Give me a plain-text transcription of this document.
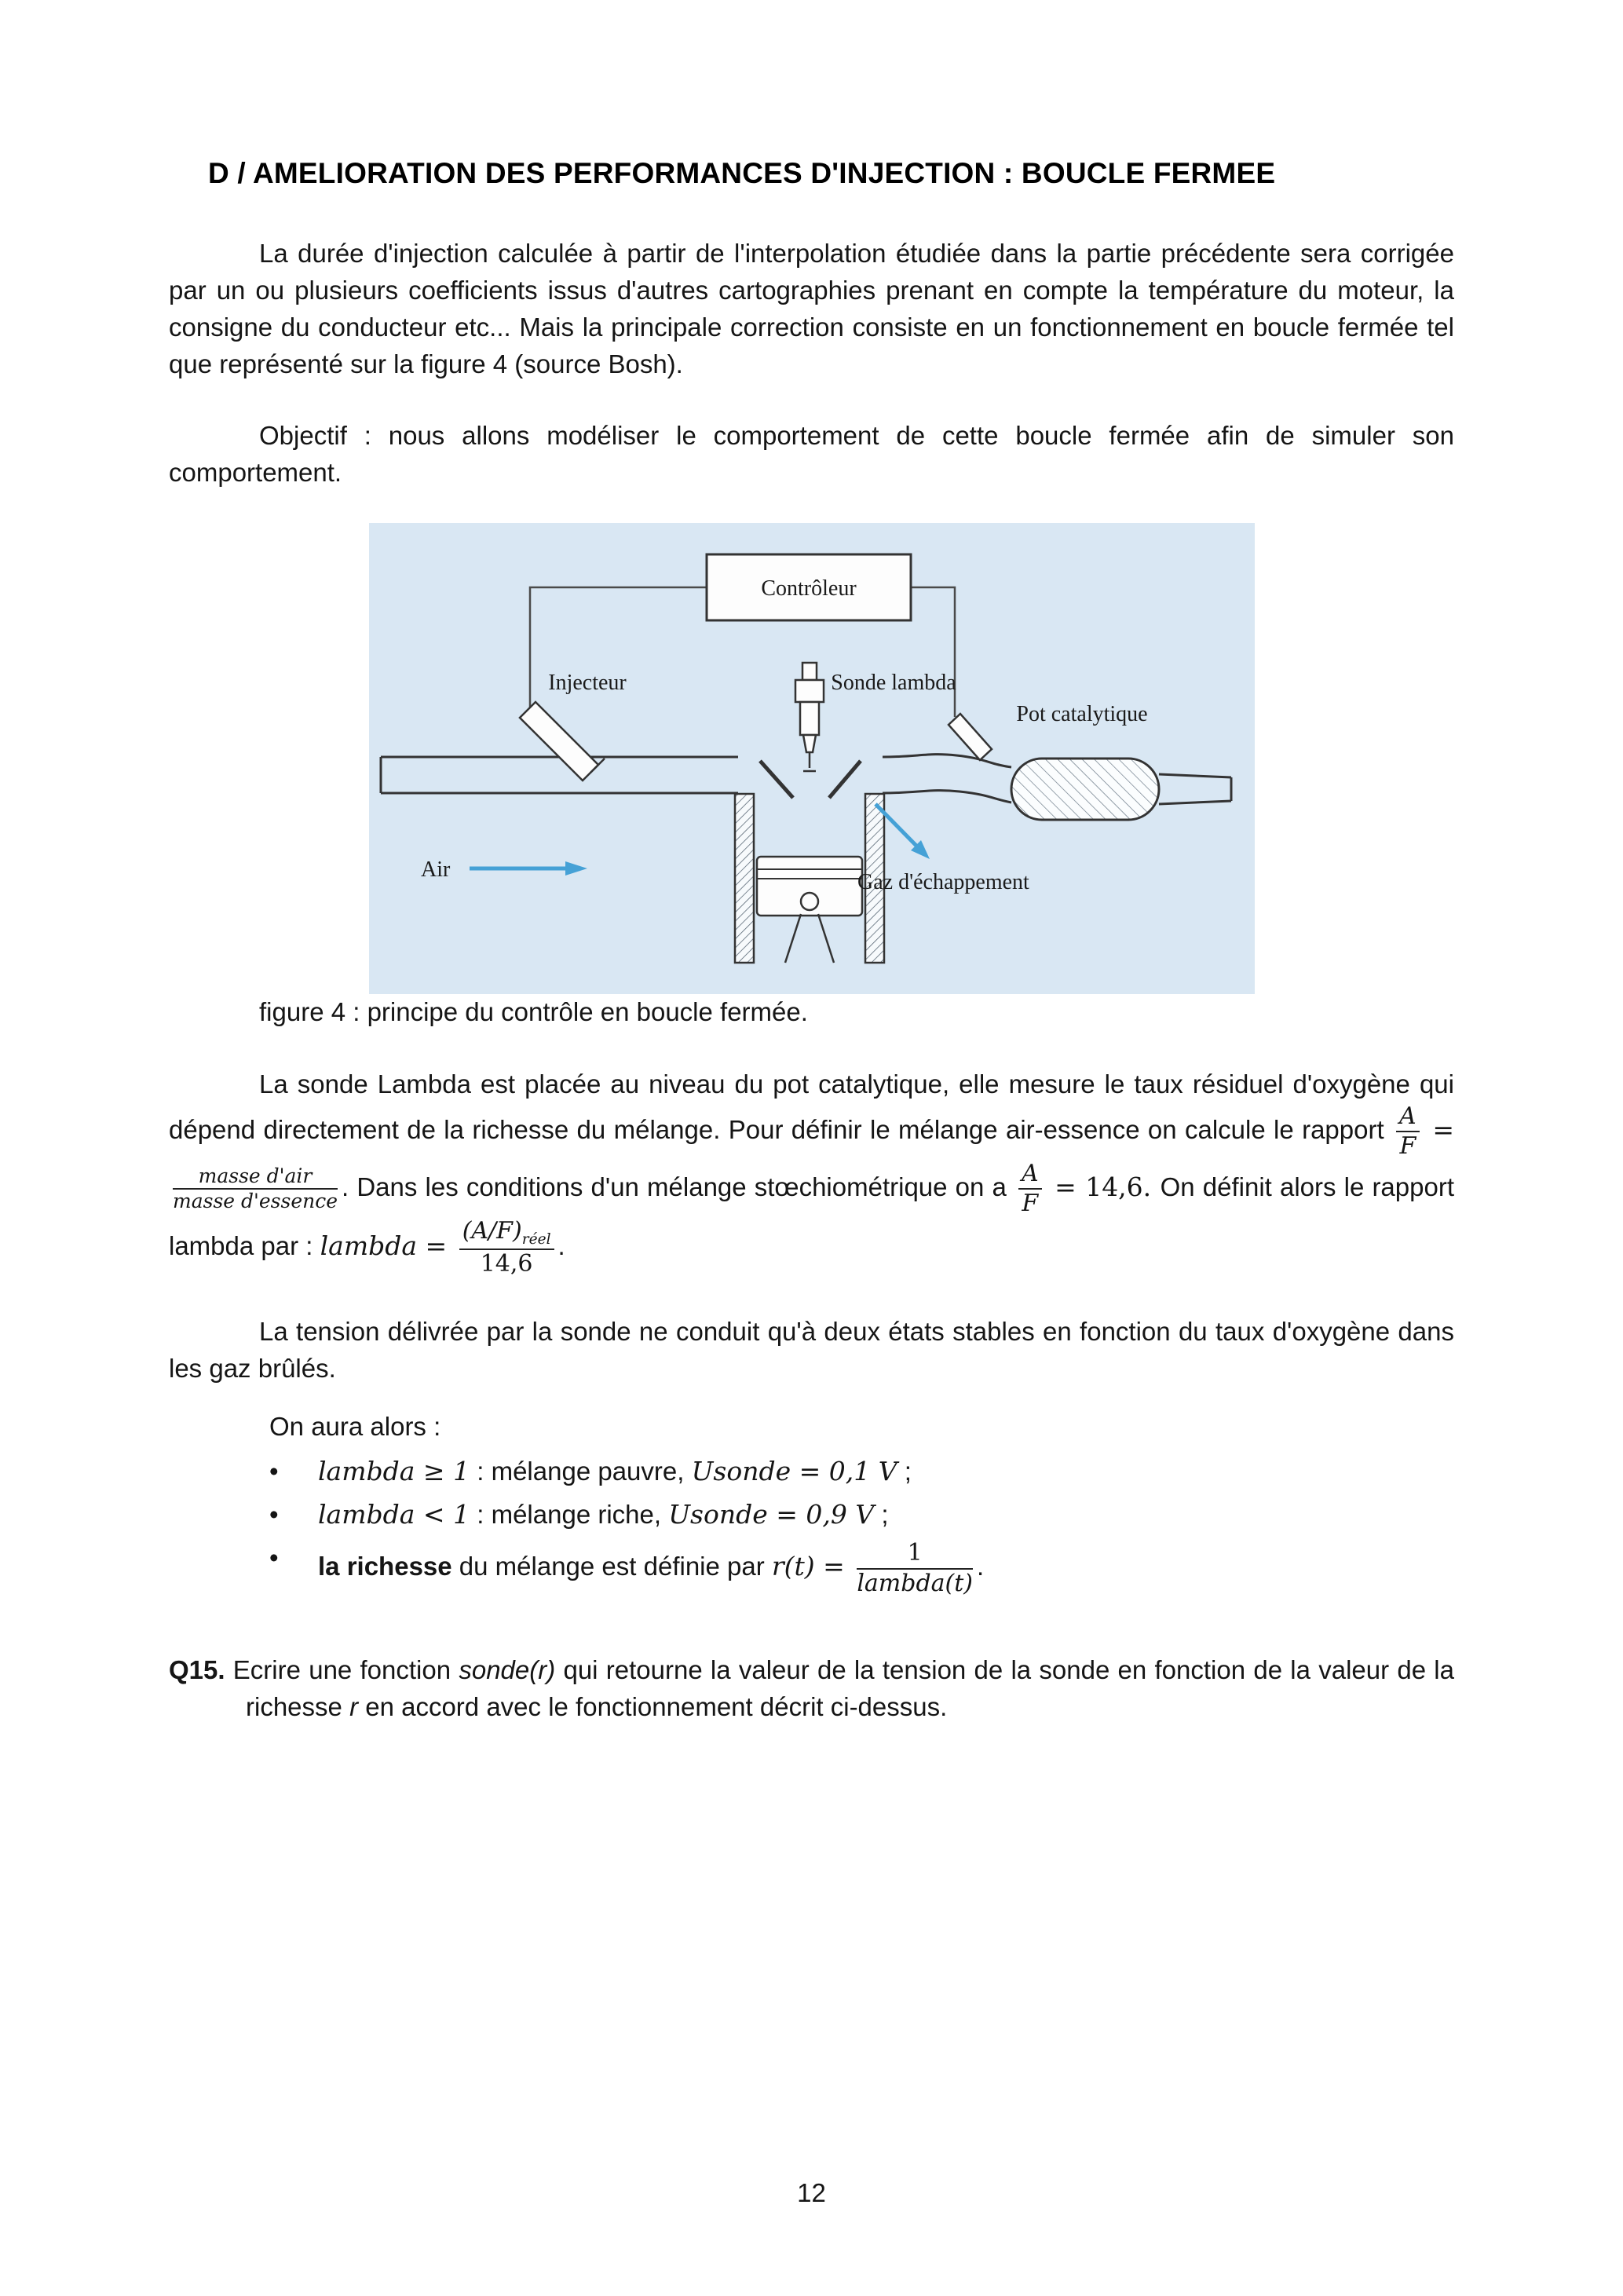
D / AMELIORATION DES PERFORMANCES D'INJECTION : BOUCLE FERMEE

La durée d'injection calculée à partir de l'interpolation étudiée dans la partie précédente sera corrigée par un ou plusieurs coefficients issus d'autres cartographies prenant en compte la température du moteur, la consigne du conducteur etc... Mais la principale correction consiste en un fonctionnement en boucle fermée tel que représenté sur la figure 4 (source Bosh).

Objectif : nous allons modéliser le comportement de cette boucle fermée afin de simuler son comportement.

Contrôleur
Injecteur	Sonde lambda
Pot catalytique
Air
Gaz d'échappement

figure 4 : principe du contrôle en boucle fermée.

La sonde Lambda est placée au niveau du pot catalytique, elle mesure le taux résiduel d'oxygène qui dépend directement de la richesse du mélange. Pour définir le mélange air-essence on calcule le rapport $\frac{A}{F}$ =
$\frac{\text{masse d'air}}{\text{masse d'essence}}$ . Dans les conditions d'un mélange stœchiométrique on a $\frac{A}{F} = 14,6$. On définit alors le rapport lambda par : lambda = $\frac{(A/F)_{réel}}{14,6}$ .

La tension délivrée par la sonde ne conduit qu'à deux états stables en fonction du taux d'oxygène dans les gaz brûlés.

On aura alors :

•	lambda ≥ 1 : mélange pauvre, Usonde = 0,1 V ;
•	lambda < 1 : mélange riche, Usonde = 0,9 V ;
•	la richesse du mélange est définie par $r(t) = \frac{1}{\text{lambda(t)}}$ .

Q15. Ecrire une fonction sonde(r) qui retourne la valeur de la tension de la sonde en fonction de la valeur de la richesse r en accord avec le fonctionnement décrit ci-dessus.

12
